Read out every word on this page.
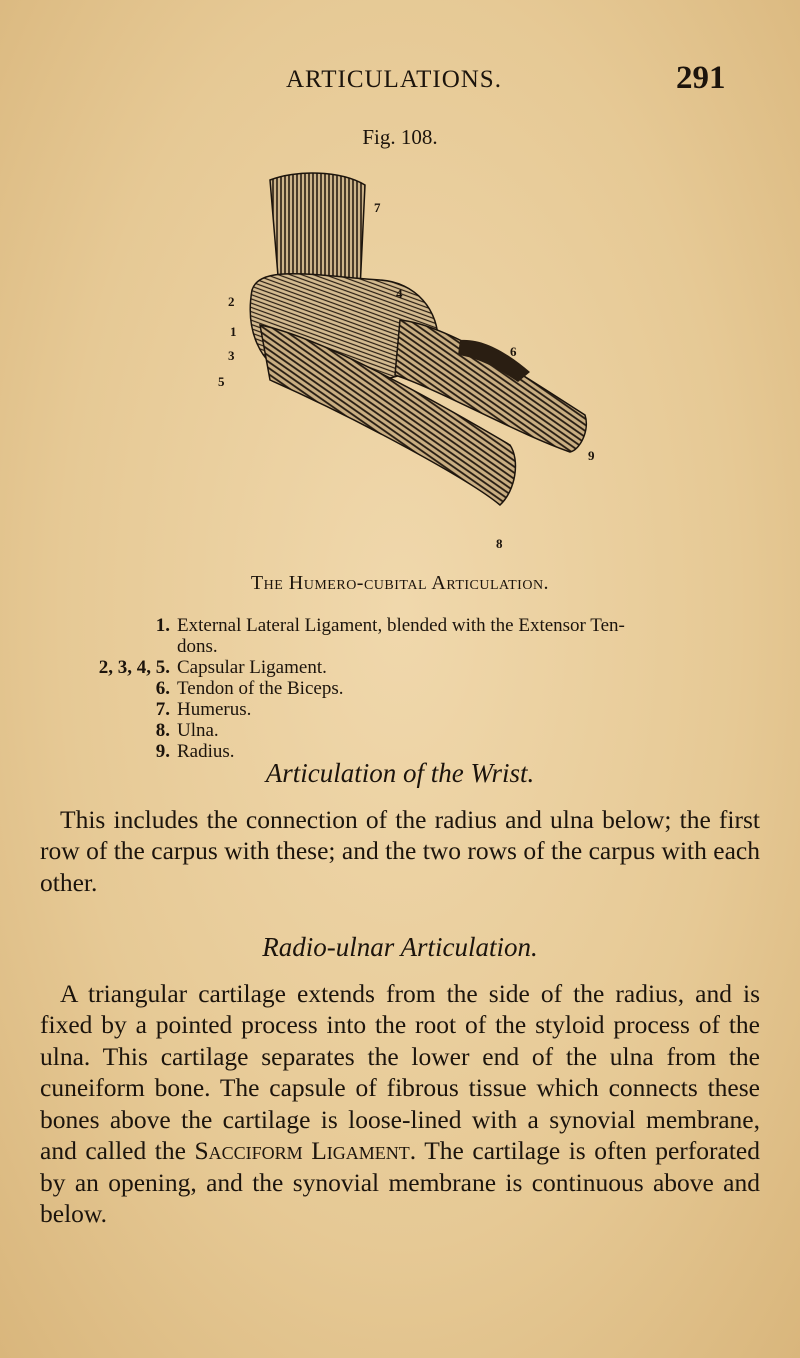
ARTICULATIONS.	291
Fig. 108.
7
2
1
3
5
4
6
9
8
The Humero-cubital Articulation.
1. External Lateral Ligament, blended with the Extensor Ten-
dons.
2, 3, 4, 5. Capsular Ligament.
6. Tendon of the Biceps.
7. Humerus.
8. Ulna.
9. Radius.
Articulation of the Wrist.

This includes the connection of the radius and ulna below; the first row of the carpus with these; and the two rows of the carpus with each other.

Radio-ulnar Articulation.

A triangular cartilage extends from the side of the radius, and is fixed by a pointed process into the root of the styloid process of the ulna. This cartilage separates the lower end of the ulna from the cuneiform bone. The capsule of fibrous tissue which connects these bones above the cartilage is loose-lined with a synovial membrane, and called the Sacciform Ligament. The cartilage is often perforated by an opening, and the synovial membrane is continuous above and below.
